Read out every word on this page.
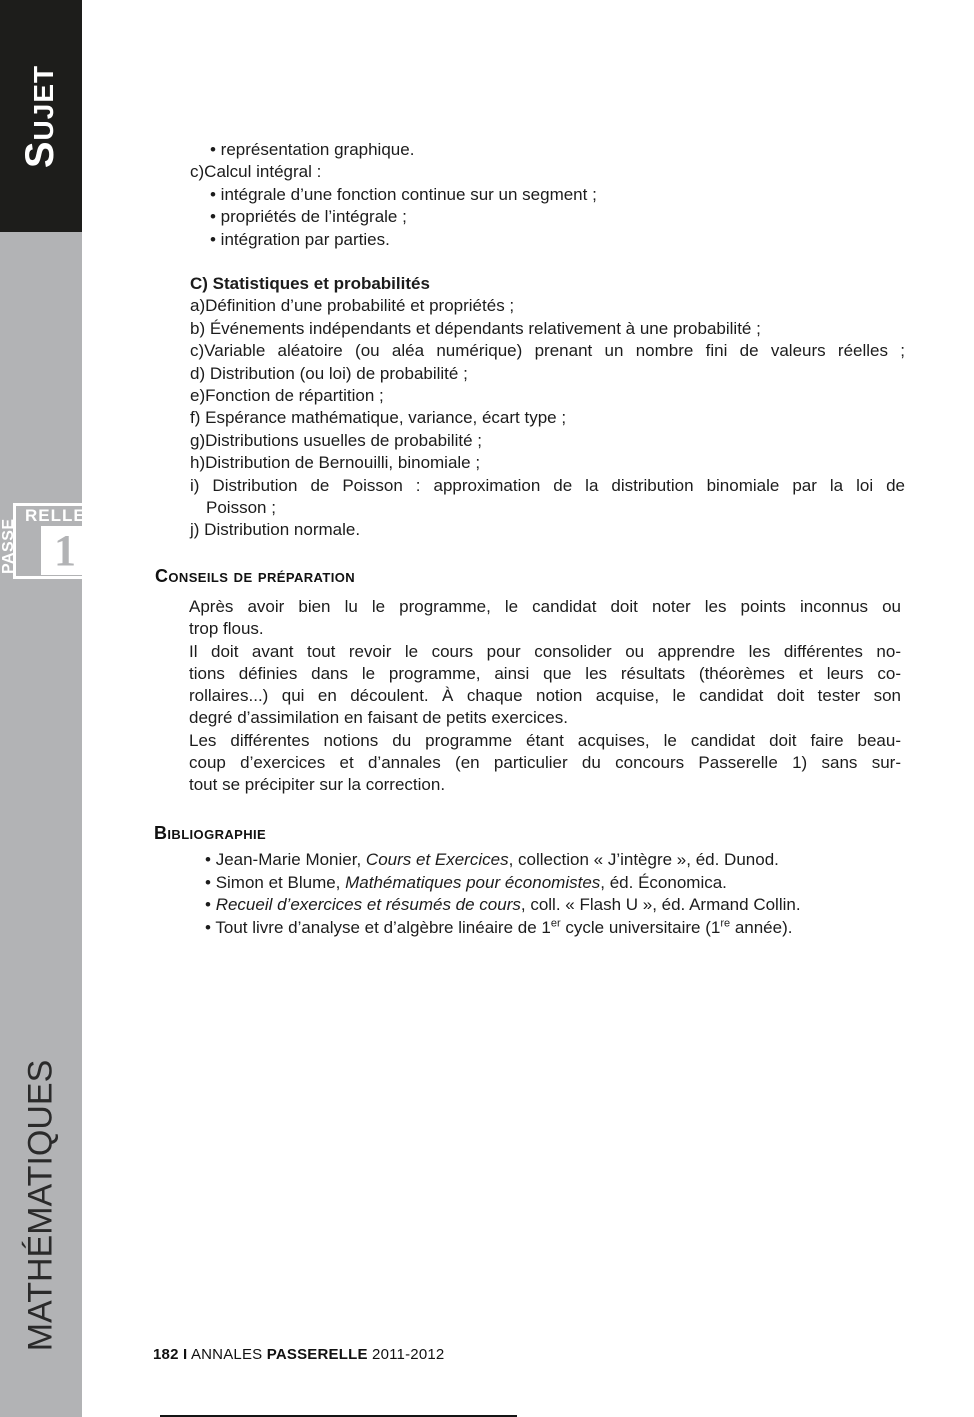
Sujet
RELLE
PASSE 1
MATHÉMATIQUES
• représentation graphique.
c)Calcul intégral :
• intégrale d’une fonction continue sur un segment ;
• propriétés de l’intégrale ;
• intégration par parties.
C) Statistiques et probabilités
a)Définition d’une probabilité et propriétés ;
b) Événements indépendants et dépendants relativement à une probabilité ;
c)Variable aléatoire (ou aléa numérique) prenant un nombre fini de valeurs réelles ;
d) Distribution (ou loi) de probabilité ;
e)Fonction de répartition ;
f) Espérance mathématique, variance, écart type ;
g)Distributions usuelles de probabilité ;
h)Distribution de Bernouilli, binomiale ;
i) Distribution de Poisson : approximation de la distribution binomiale par la loi de
Poisson ;
j) Distribution normale.
Conseils de préparation
Après avoir bien lu le programme, le candidat doit noter les points inconnus ou
trop flous.
Il doit avant tout revoir le cours pour consolider ou apprendre les différentes no-
tions définies dans le programme, ainsi que les résultats (théorèmes et leurs co-
rollaires...) qui en découlent. À chaque notion acquise, le candidat doit tester son
degré d’assimilation en faisant de petits exercices.
Les différentes notions du programme étant acquises, le candidat doit faire beau-
coup d’exercices et d’annales (en particulier du concours Passerelle 1) sans sur-
tout se précipiter sur la correction.
Bibliographie
• Jean-Marie Monier, Cours et Exercices, collection « J’intègre », éd. Dunod.
• Simon et Blume, Mathématiques pour économistes, éd. Économica.
• Recueil d’exercices et résumés de cours, coll. « Flash U », éd. Armand Collin.
• Tout livre d’analyse et d’algèbre linéaire de 1er cycle universitaire (1re année).
182 I ANNALES PASSERELLE 2011-2012
